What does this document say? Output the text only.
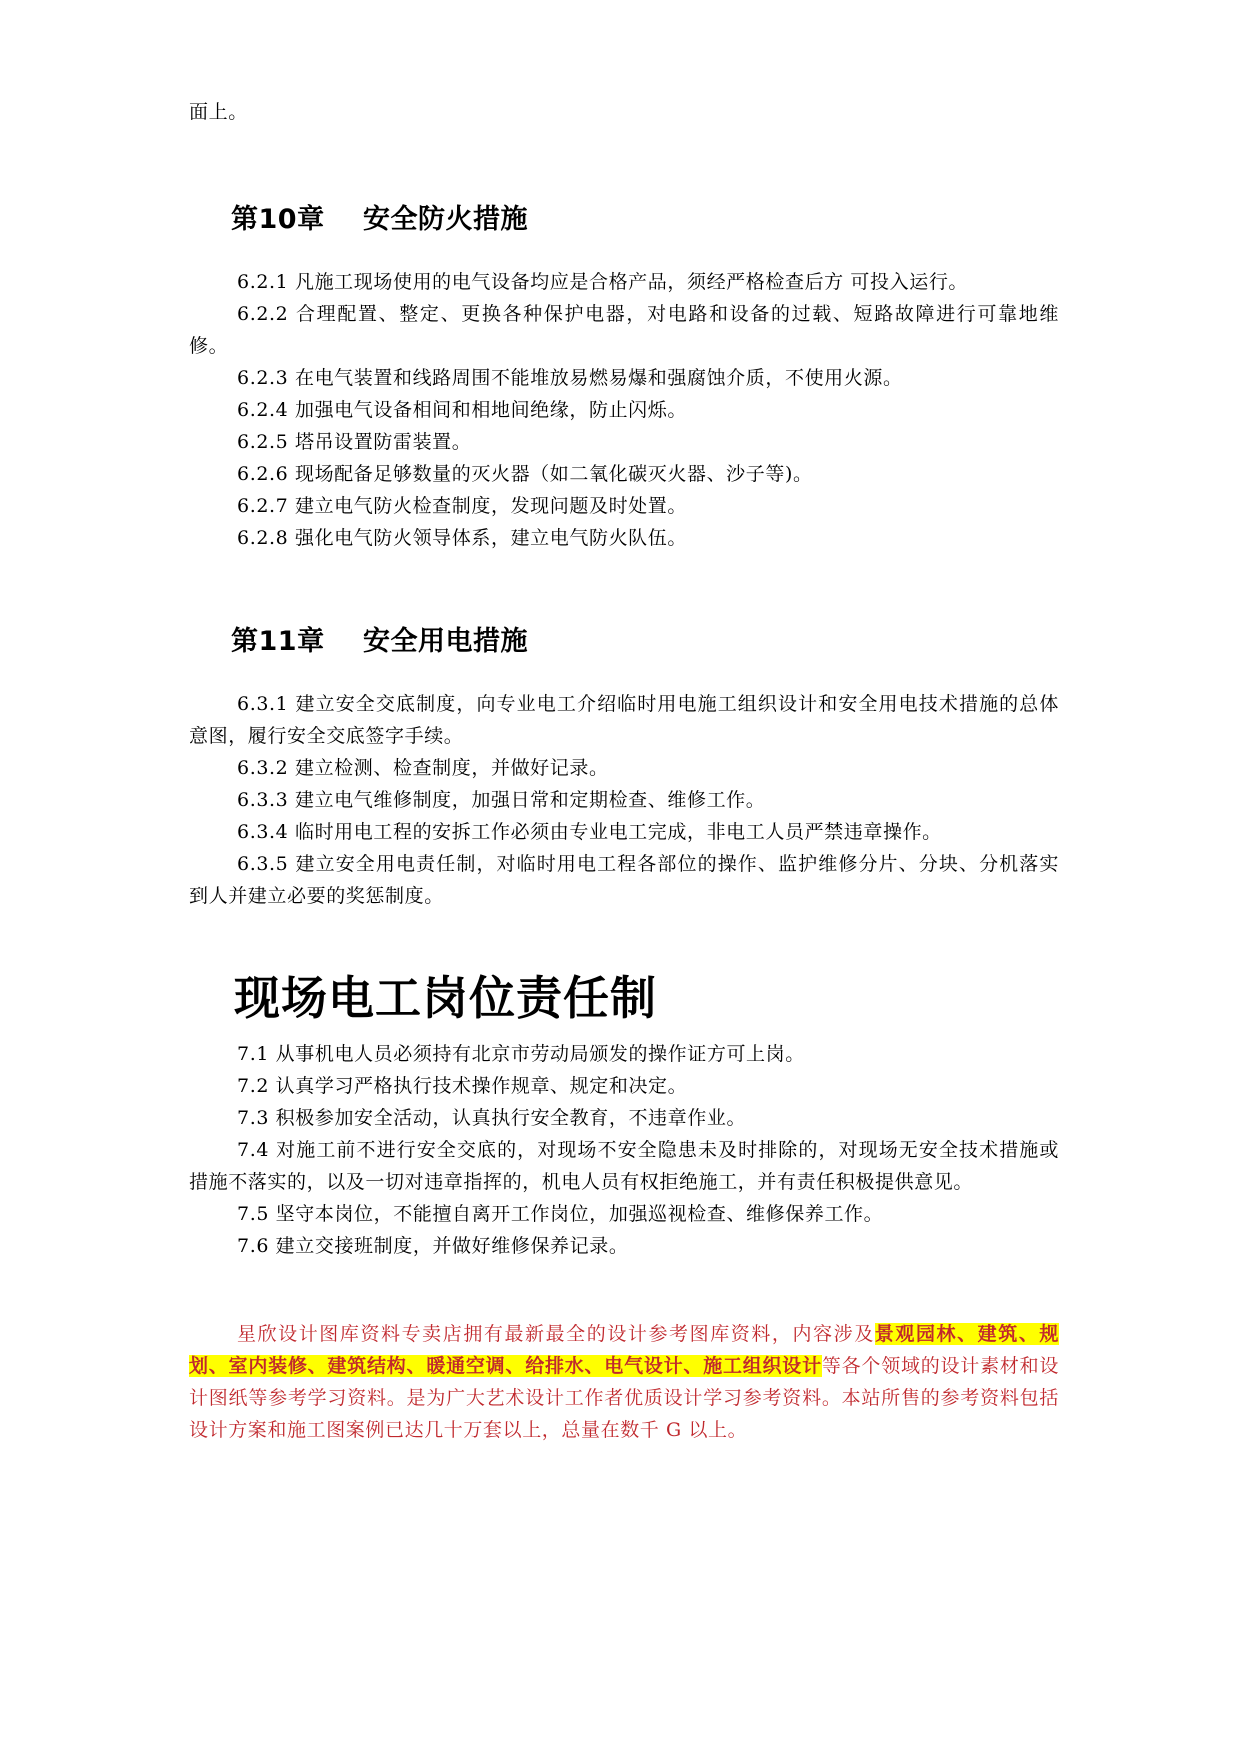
面上。

第10章	安全防火措施

6.2.1 凡施工现场使用的电气设备均应是合格产品，须经严格检查后方 可投入运行。

6.2.2 合理配置、整定、更换各种保护电器，对电路和设备的过载、短路故障进行可靠地维修。

6.2.3 在电气装置和线路周围不能堆放易燃易爆和强腐蚀介质，不使用火源。

6.2.4 加强电气设备相间和相地间绝缘，防止闪烁。

6.2.5 塔吊设置防雷装置。

6.2.6 现场配备足够数量的灭火器（如二氧化碳灭火器、沙子等)。

6.2.7 建立电气防火检查制度，发现问题及时处置。

6.2.8 强化电气防火领导体系，建立电气防火队伍。

第11章	安全用电措施

6.3.1 建立安全交底制度，向专业电工介绍临时用电施工组织设计和安全用电技术措施的总体意图，履行安全交底签字手续。

6.3.2 建立检测、检查制度，并做好记录。

6.3.3 建立电气维修制度，加强日常和定期检查、维修工作。

6.3.4 临时用电工程的安拆工作必须由专业电工完成，非电工人员严禁违章操作。

6.3.5 建立安全用电责任制，对临时用电工程各部位的操作、监护维修分片、分块、分机落实到人并建立必要的奖惩制度。

现场电工岗位责任制

7.1 从事机电人员必须持有北京市劳动局颁发的操作证方可上岗。

7.2 认真学习严格执行技术操作规章、规定和决定。

7.3 积极参加安全活动，认真执行安全教育，不违章作业。

7.4 对施工前不进行安全交底的，对现场不安全隐患未及时排除的，对现场无安全技术措施或措施不落实的，以及一切对违章指挥的，机电人员有权拒绝施工，并有责任积极提供意见。

7.5 坚守本岗位，不能擅自离开工作岗位，加强巡视检查、维修保养工作。

7.6 建立交接班制度，并做好维修保养记录。

星欣设计图库资料专卖店拥有最新最全的设计参考图库资料，内容涉及景观园林、建筑、规划、室内装修、建筑结构、暖通空调、给排水、电气设计、施工组织设计等各个领域的设计素材和设计图纸等参考学习资料。是为广大艺术设计工作者优质设计学习参考资料。本站所售的参考资料包括设计方案和施工图案例已达几十万套以上，总量在数千 G 以上。
